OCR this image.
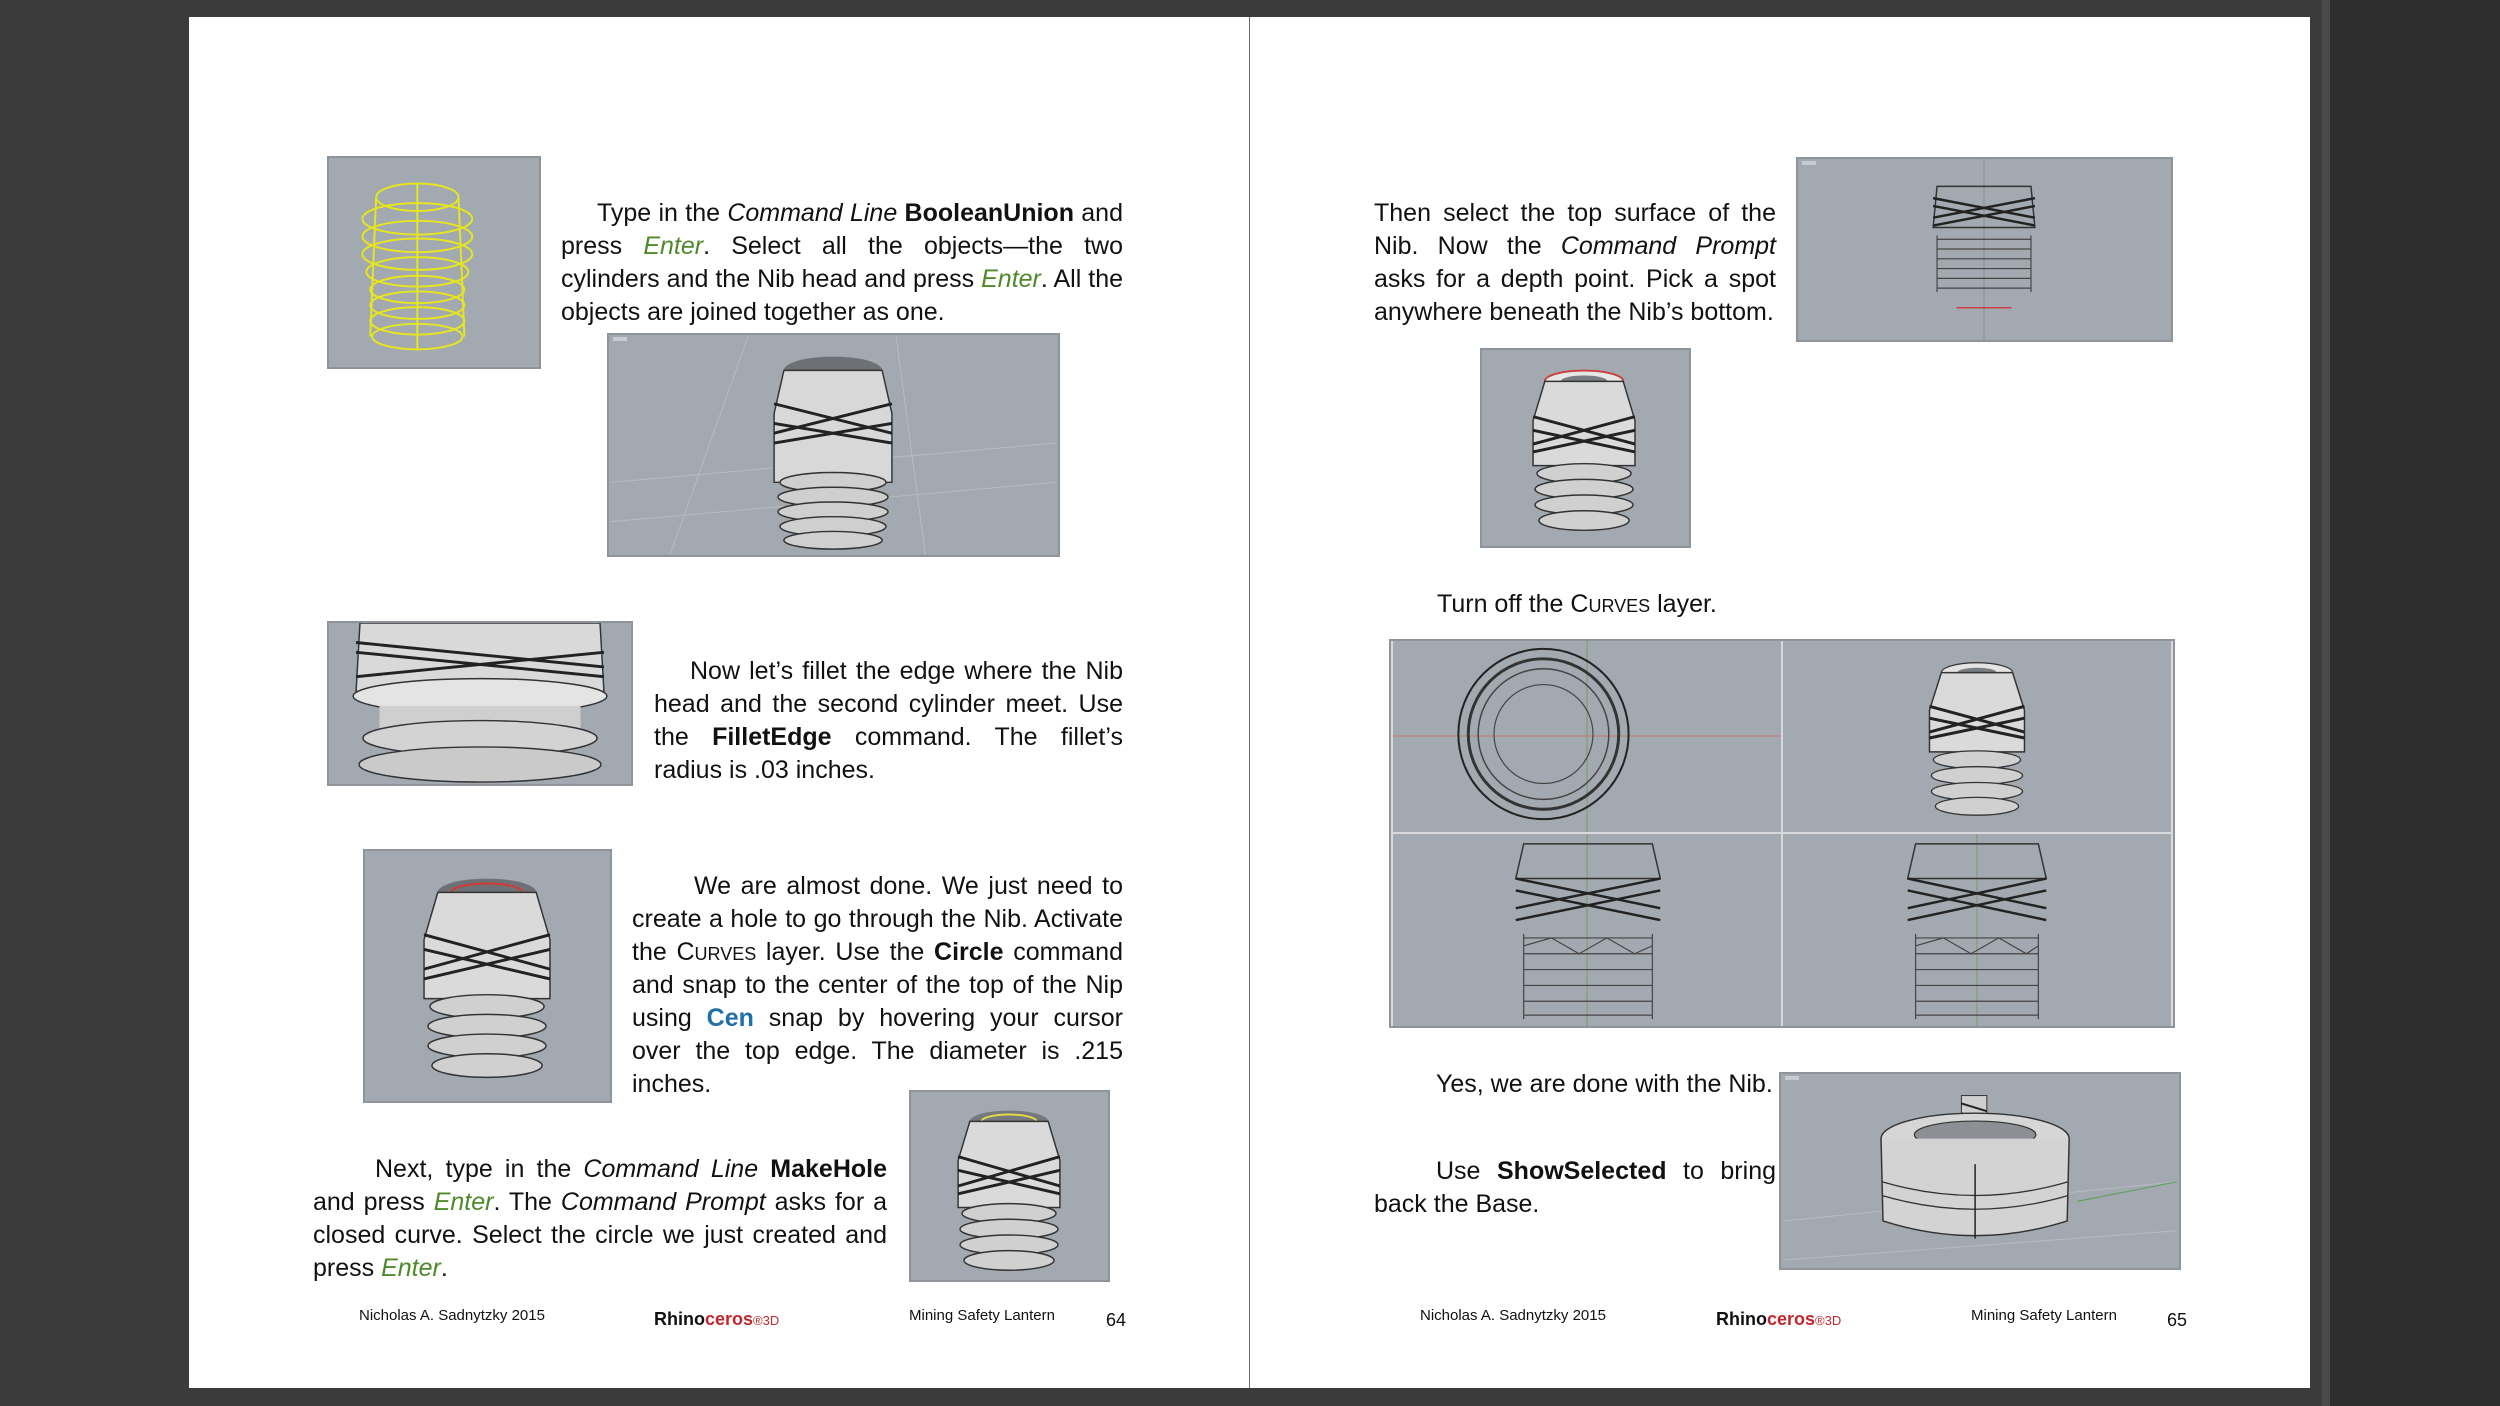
Type in the Command Line BooleanUnion and press Enter. Select all the objects—the two cylinders and the Nib head and press Enter. All the objects are joined together as one.

Now let’s fillet the edge where the Nib head and the second cylinder meet. Use the FilletEdge command. The fillet’s radius is .03 inches.

We are almost done. We just need to create a hole to go through the Nib. Activate the Curves layer. Use the Circle command and snap to the center of the top of the Nip using Cen snap by hovering your cursor over the top edge. The diameter is .215 inches.

Next, type in the Command Line MakeHole and press Enter. The Command Prompt asks for a closed curve. Select the circle we just created and press Enter.

Nicholas A. Sadnytzky 2015	Rhinoceros®3D	Mining Safety Lantern	64

Then select the top surface of the Nib. Now the Command Prompt asks for a depth point. Pick a spot anywhere beneath the Nib’s bottom.

Turn off the Curves layer.

Yes, we are done with the Nib.

Use ShowSelected to bring back the Base.

Nicholas A. Sadnytzky 2015	Rhinoceros®3D	Mining Safety Lantern	65
